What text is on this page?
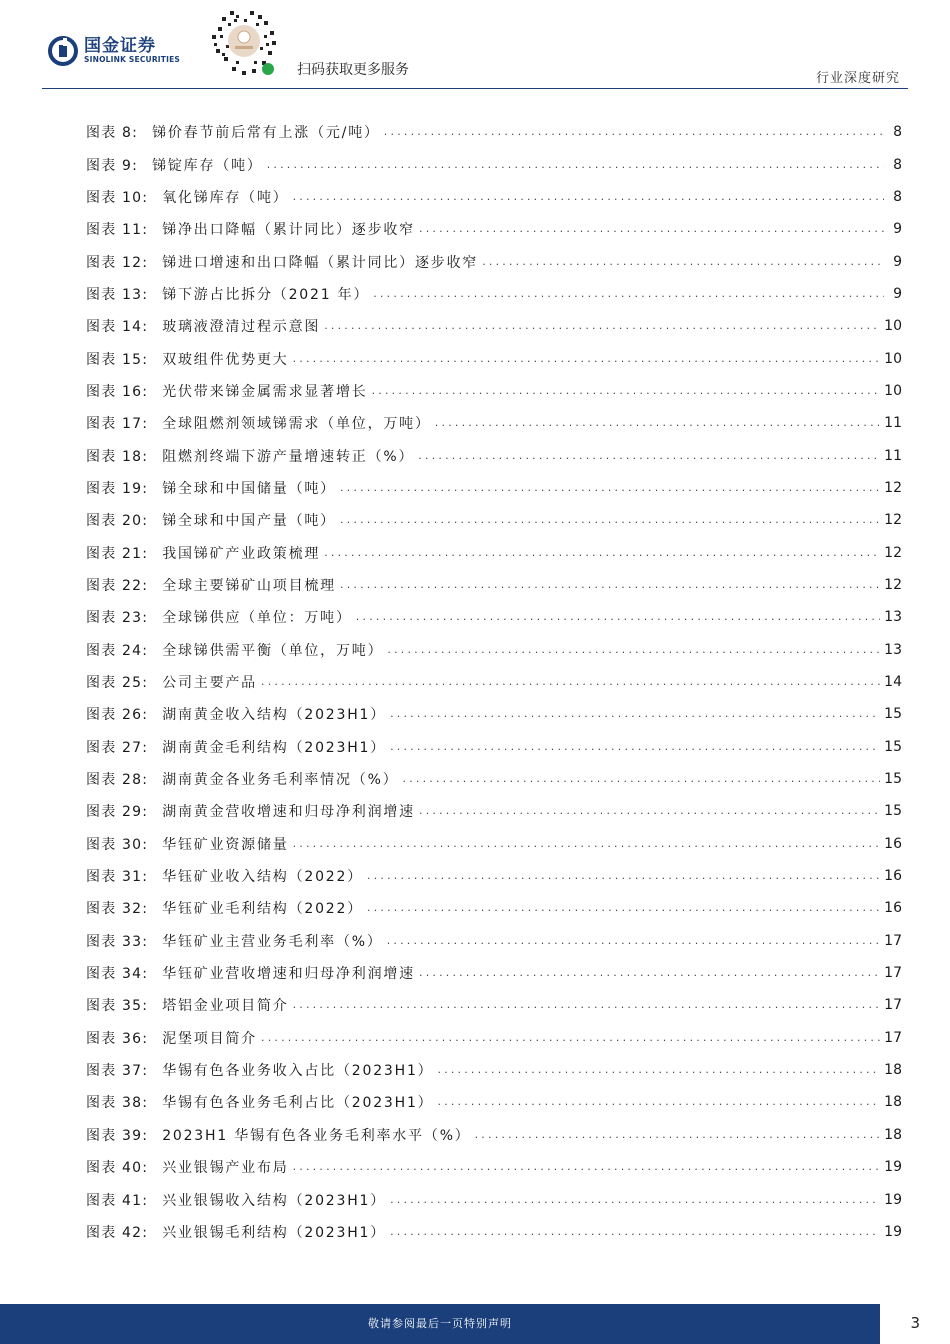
国金证券
SINOLINK SECURITIES
扫码获取更多服务
行业深度研究
图表 8: 锑价春节前后常有上涨（元/吨） .....	8
图表 9: 锑锭库存（吨） .....	8
图表 10: 氧化锑库存（吨） .....	8
图表 11: 锑净出口降幅（累计同比）逐步收窄 .....	9
图表 12: 锑进口增速和出口降幅（累计同比）逐步收窄 .....	9
图表 13: 锑下游占比拆分（2021 年） .....	9
图表 14: 玻璃液澄清过程示意图 .....	10
图表 15: 双玻组件优势更大 .....	10
图表 16: 光伏带来锑金属需求显著增长 .....	10
图表 17: 全球阻燃剂领域锑需求（单位，万吨） .....	11
图表 18: 阻燃剂终端下游产量增速转正（%） .....	11
图表 19: 锑全球和中国储量（吨） .....	12
图表 20: 锑全球和中国产量（吨） .....	12
图表 21: 我国锑矿产业政策梳理 .....	12
图表 22: 全球主要锑矿山项目梳理 .....	12
图表 23: 全球锑供应（单位：万吨） .....	13
图表 24: 全球锑供需平衡（单位，万吨） .....	13
图表 25: 公司主要产品 .....	14
图表 26: 湖南黄金收入结构（2023H1） .....	15
图表 27: 湖南黄金毛利结构（2023H1） .....	15
图表 28: 湖南黄金各业务毛利率情况（%） .....	15
图表 29: 湖南黄金营收增速和归母净利润增速 .....	15
图表 30: 华钰矿业资源储量 .....	16
图表 31: 华钰矿业收入结构（2022） .....	16
图表 32: 华钰矿业毛利结构（2022） .....	16
图表 33: 华钰矿业主营业务毛利率（%） .....	17
图表 34: 华钰矿业营收增速和归母净利润增速 .....	17
图表 35: 塔铝金业项目简介 .....	17
图表 36: 泥堡项目简介 .....	17
图表 37: 华锡有色各业务收入占比（2023H1） .....	18
图表 38: 华锡有色各业务毛利占比（2023H1） .....	18
图表 39: 2023H1 华锡有色各业务毛利率水平（%） .....	18
图表 40: 兴业银锡产业布局 .....	19
图表 41: 兴业银锡收入结构（2023H1） .....	19
图表 42: 兴业银锡毛利结构（2023H1） .....	19
敬请参阅最后一页特别声明	3
